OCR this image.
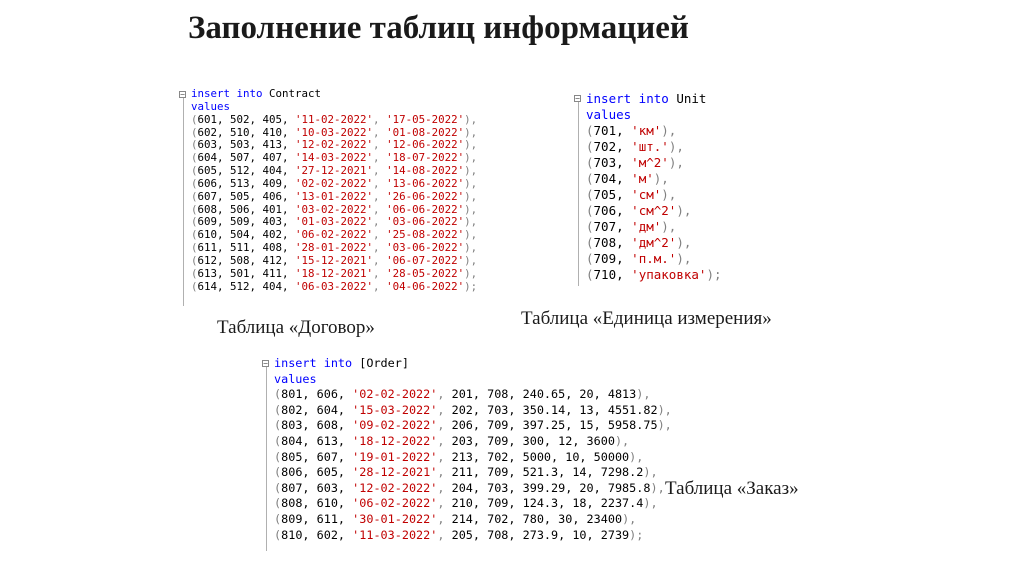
Заполнение таблиц информацией
− insert into Contract
values
(601, 502, 405, '11-02-2022', '17-05-2022'),
(602, 510, 410, '10-03-2022', '01-08-2022'),
(603, 503, 413, '12-02-2022', '12-06-2022'),
(604, 507, 407, '14-03-2022', '18-07-2022'),
(605, 512, 404, '27-12-2021', '14-08-2022'),
(606, 513, 409, '02-02-2022', '13-06-2022'),
(607, 505, 406, '13-01-2022', '26-06-2022'),
(608, 506, 401, '03-02-2022', '06-06-2022'),
(609, 509, 403, '01-03-2022', '03-06-2022'),
(610, 504, 402, '06-02-2022', '25-08-2022'),
(611, 511, 408, '28-01-2022', '03-06-2022'),
(612, 508, 412, '15-12-2021', '06-07-2022'),
(613, 501, 411, '18-12-2021', '28-05-2022'),
(614, 512, 404, '06-03-2022', '04-06-2022');
− insert into Unit
values
(701, 'км'),
(702, 'шт.'),
(703, 'м^2'),
(704, 'м'),
(705, 'см'),
(706, 'см^2'),
(707, 'дм'),
(708, 'дм^2'),
(709, 'п.м.'),
(710, 'упаковка');
− insert into [Order]
values
(801, 606, '02-02-2022', 201, 708, 240.65, 20, 4813),
(802, 604, '15-03-2022', 202, 703, 350.14, 13, 4551.82),
(803, 608, '09-02-2022', 206, 709, 397.25, 15, 5958.75),
(804, 613, '18-12-2022', 203, 709, 300, 12, 3600),
(805, 607, '19-01-2022', 213, 702, 5000, 10, 50000),
(806, 605, '28-12-2021', 211, 709, 521.3, 14, 7298.2),
(807, 603, '12-02-2022', 204, 703, 399.29, 20, 7985.8),
(808, 610, '06-02-2022', 210, 709, 124.3, 18, 2237.4),
(809, 611, '30-01-2022', 214, 702, 780, 30, 23400),
(810, 602, '11-03-2022', 205, 708, 273.9, 10, 2739);
Таблица «Договор»	Таблица «Единица измерения»
Таблица «Заказ»
